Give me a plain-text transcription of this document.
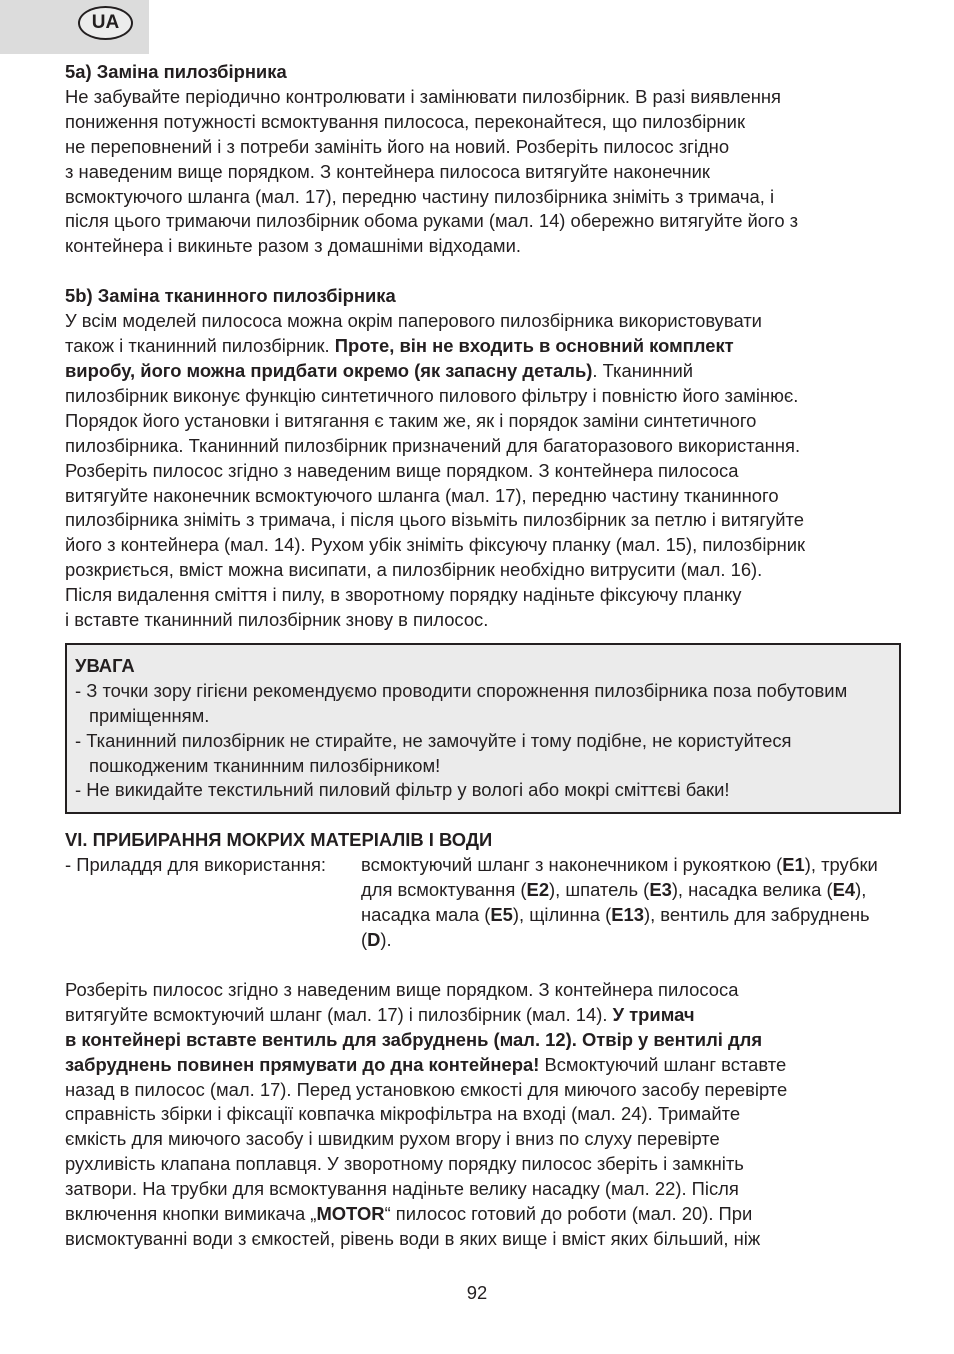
UA

5a) Заміна пилозбірника

Не забувайте періодично контролювати і замінювати пилозбірник. В разі виявлення

пониження потужності всмоктування пилососа, переконайтеся, що пилозбірник

не переповнений і з потреби замініть його на новий. Розберіть пилосос згідно

з наведеним вище порядком. З контейнера пилососа витягуйте наконечник

всмоктуючого шланга (мал. 17), передню частину пилозбірника зніміть з тримача, і

після цього тримаючи пилозбірник обома руками (мал. 14) обережно витягуйте його з

контейнера і викиньте разом з домашніми відходами.

5b) Заміна тканинного пилозбірника

У всім моделей пилососа можна окрім паперового пилозбірника використовувати

також і тканинний пилозбірник. Проте, він не входить в основний комплект

виробу, його можна придбати окремо (як запасну деталь). Тканинний

пилозбірник виконує функцію синтетичного пилового фільтру і повністю його замінює.

Порядок його установки і витягання є таким же, як і порядок заміни синтетичного

пилозбірника. Тканинний пилозбірник призначений для багаторазового використання.

Розберіть пилосос згідно з наведеним вище порядком. З контейнера пилососа

витягуйте наконечник всмоктуючого шланга (мал. 17), передню частину тканинного

пилозбірника зніміть з тримача, і після цього візьміть пилозбірник за петлю і витягуйте

його з контейнера (мал. 14). Рухом убік зніміть фіксуючу планку (мал. 15), пилозбірник

розкриється, вміст можна висипати, а пилозбірник необхідно витрусити (мал. 16).

Після видалення сміття і пилу, в зворотному порядку надіньте фіксуючу планку

і вставте тканинний пилозбірник знову в пилосос.

УВАГА

- З точки зору гігієни рекомендуємо проводити спорожнення пилозбірника поза побутовим приміщенням.

- Тканинний пилозбірник не стирайте, не замочуйте і тому подібне, не користуйтеся пошкодженим тканинним пилозбірником!

- Не викидайте текстильний пиловий фільтр у вологі або мокрі сміттєві баки!

VI. ПРИБИРАННЯ МОКРИХ МАТЕРІАЛІВ І ВОДИ

- Приладдя для використання:	всмоктуючий шланг з наконечником і рукояткою (E1), трубки для всмоктування (E2), шпатель (E3), насадка велика (E4), насадка мала (E5), щілинна (E13), вентиль для забруднень (D).

Розберіть пилосос згідно з наведеним вище порядком. З контейнера пилососа

витягуйте всмоктуючий шланг (мал. 17) і пилозбірник (мал. 14). У тримач

в контейнері вставте вентиль для забруднень (мал. 12). Отвір у вентилі для

забруднень повинен прямувати до дна контейнера! Всмоктуючий шланг вставте

назад в пилосос (мал. 17). Перед установкою ємкості для миючого засобу перевірте

справність збірки і фіксації ковпачка мікрофільтра на вході (мал. 24). Тримайте

ємкість для миючого засобу і швидким рухом вгору і вниз по слуху перевірте

рухливість клапана поплавця. У зворотному порядку пилосос зберіть і замкніть

затвори. На трубки для всмоктування надіньте велику насадку (мал. 22). Після

включення кнопки вимикача „MOTOR“ пилосос готовий до роботи (мал. 20). При

висмоктуванні води з ємкостей, рівень води в яких вище і вміст яких більший, ніж

92
